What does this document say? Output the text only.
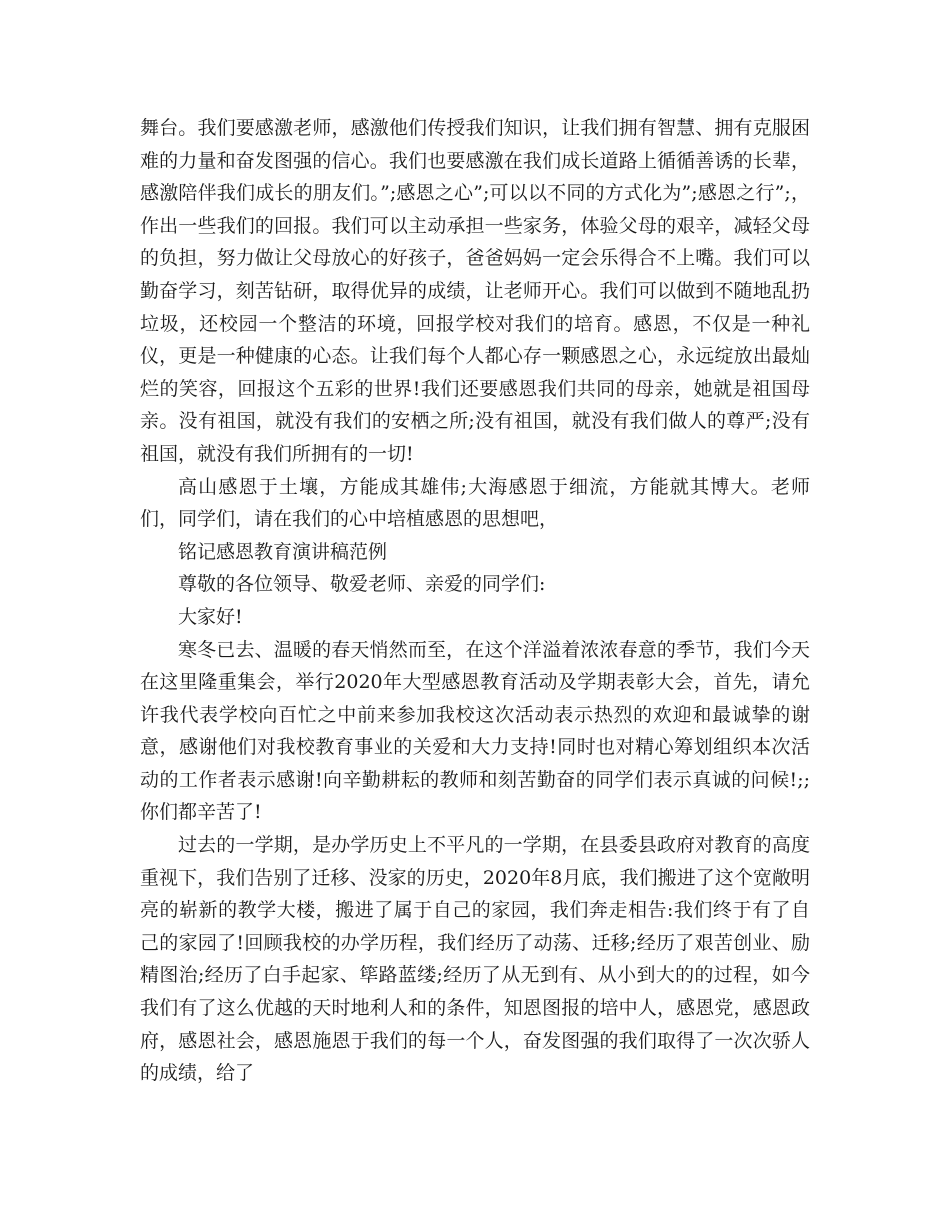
舞台。我们要感激老师，感激他们传授我们知识，让我们拥有智慧、拥有克服困难的力量和奋发图强的信心。我们也要感激在我们成长道路上循循善诱的长辈，感激陪伴我们成长的朋友们。”;感恩之心”;可以以不同的方式化为”;感恩之行”;，作出一些我们的回报。我们可以主动承担一些家务，体验父母的艰辛，减轻父母的负担，努力做让父母放心的好孩子，爸爸妈妈一定会乐得合不上嘴。我们可以勤奋学习，刻苦钻研，取得优异的成绩，让老师开心。我们可以做到不随地乱扔垃圾，还校园一个整洁的环境，回报学校对我们的培育。感恩，不仅是一种礼仪，更是一种健康的心态。让我们每个人都心存一颗感恩之心，永远绽放出最灿烂的笑容，回报这个五彩的世界!我们还要感恩我们共同的母亲，她就是祖国母亲。没有祖国，就没有我们的安栖之所;没有祖国，就没有我们做人的尊严;没有祖国，就没有我们所拥有的一切!

高山感恩于土壤，方能成其雄伟;大海感恩于细流，方能就其博大。老师们，同学们，请在我们的心中培植感恩的思想吧，

铭记感恩教育演讲稿范例

尊敬的各位领导、敬爱老师、亲爱的同学们:

大家好!

寒冬已去、温暖的春天悄然而至，在这个洋溢着浓浓春意的季节，我们今天在这里隆重集会，举行2020年大型感恩教育活动及学期表彰大会，首先，请允许我代表学校向百忙之中前来参加我校这次活动表示热烈的欢迎和最诚挚的谢意，感谢他们对我校教育事业的关爱和大力支持!同时也对精心筹划组织本次活动的工作者表示感谢!向辛勤耕耘的教师和刻苦勤奋的同学们表示真诚的问候!;;你们都辛苦了!

过去的一学期，是办学历史上不平凡的一学期，在县委县政府对教育的高度重视下，我们告别了迁移、没家的历史，2020年8月底，我们搬进了这个宽敞明亮的崭新的教学大楼，搬进了属于自己的家园，我们奔走相告:我们终于有了自己的家园了!回顾我校的办学历程，我们经历了动荡、迁移;经历了艰苦创业、励精图治;经历了白手起家、筚路蓝缕;经历了从无到有、从小到大的的过程，如今我们有了这么优越的天时地利人和的条件，知恩图报的培中人，感恩党，感恩政府，感恩社会，感恩施恩于我们的每一个人，奋发图强的我们取得了一次次骄人的成绩，给了
